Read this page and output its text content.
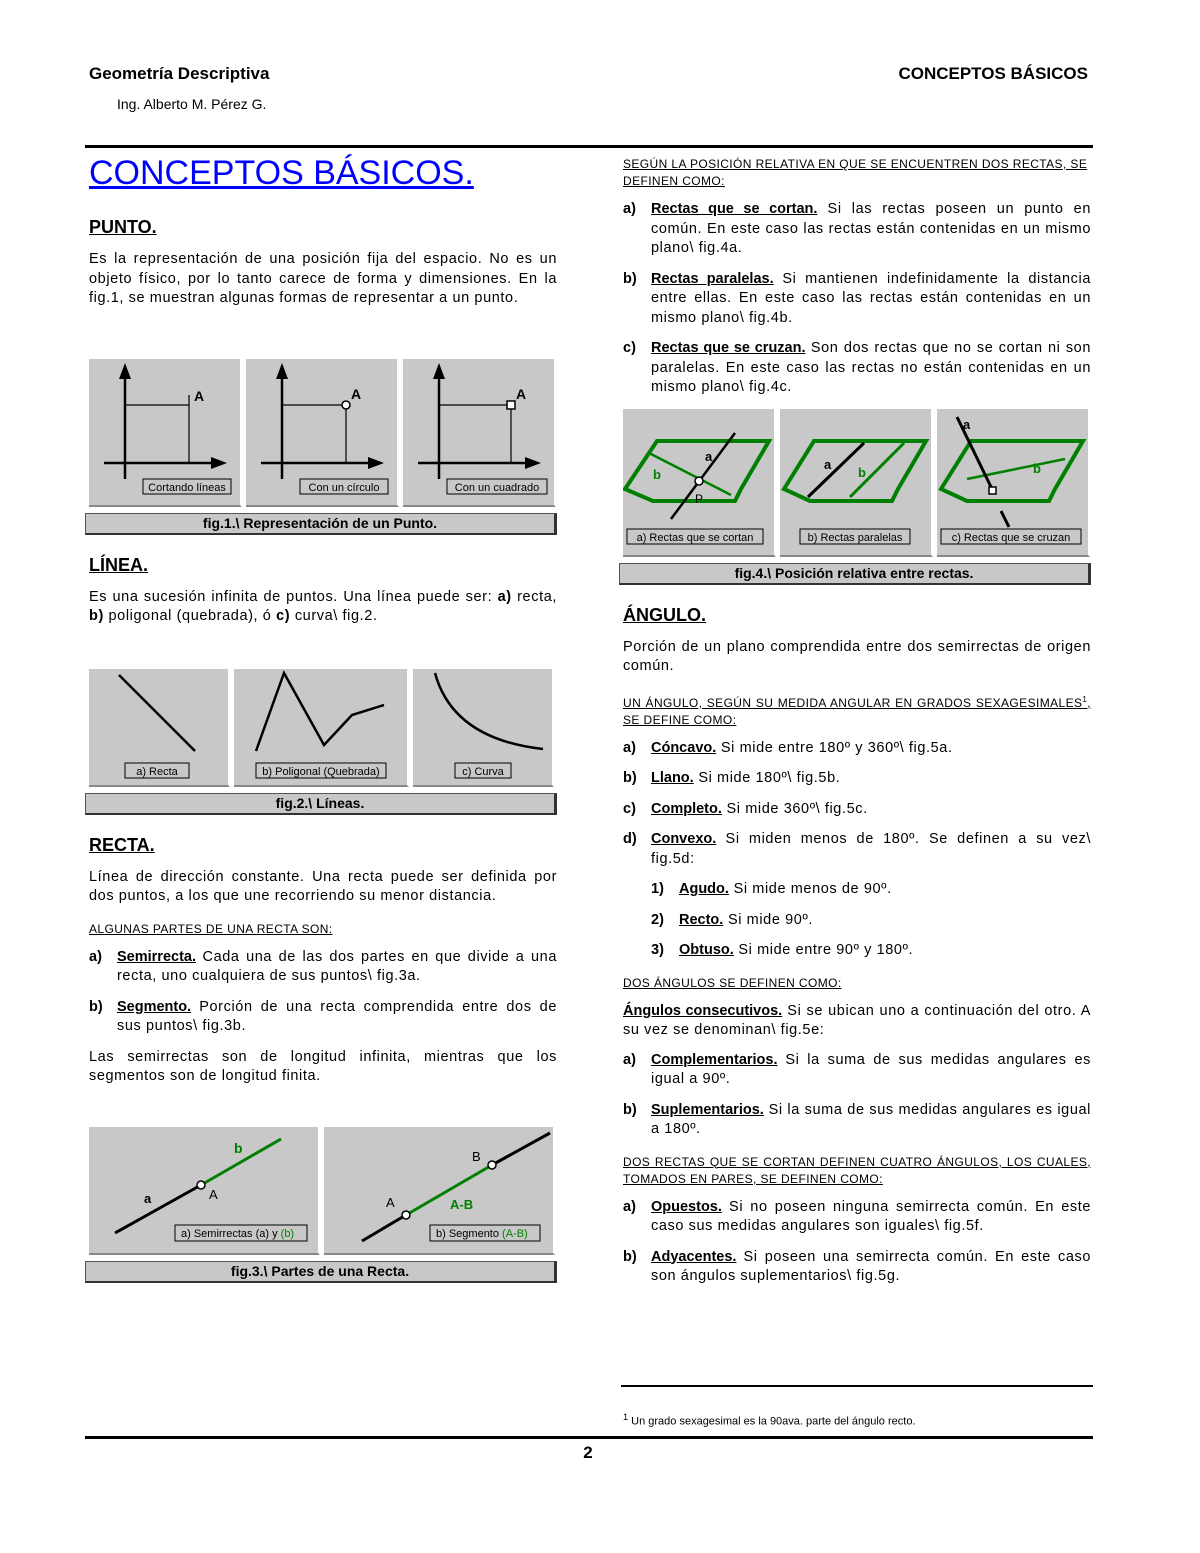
Geometría Descriptiva	CONCEPTOS BÁSICOS
Ing. Alberto M. Pérez G.
CONCEPTOS BÁSICOS.
PUNTO.

Es la representación de una posición fija del espacio. No es un objeto físico, por lo tanto carece de forma y dimensiones. En la fig.1, se muestran algunas formas de representar a un punto.

A
Cortando líneas
A
Con un círculo
A
Con un cuadrado
fig.1.\ Representación de un Punto.
LÍNEA.

Es una sucesión infinita de puntos. Una línea puede ser: a) recta, b) poligonal (quebrada), ó c) curva\ fig.2.

a) Recta	b) Poligonal (Quebrada)	c) Curva
fig.2.\ Líneas.
RECTA.

Línea de dirección constante. Una recta puede ser definida por dos puntos, a los que une recorriendo su menor distancia.

ALGUNAS PARTES DE UNA RECTA SON:
a)	Semirrecta. Cada una de las dos partes en que divide a una recta, uno cualquiera de sus puntos\ fig.3a.
b) Segmento. Porción de una recta comprendida entre dos de sus puntos\ fig.3b.

Las semirrectas son de longitud infinita, mientras que los segmentos son de longitud finita.

a
b
A
a) Semirrectas (a) y (b)
A
B
A-B
b) Segmento (A-B)
fig.3.\ Partes de una Recta.
SEGÚN LA POSICIÓN RELATIVA EN QUE SE ENCUENTREN DOS RECTAS, SE DEFINEN COMO:
a)	Rectas que se cortan. Si las rectas poseen un punto en común. En este caso las rectas están contenidas en un mismo plano\ fig.4a.
b) Rectas paralelas. Si mantienen indefinidamente la distancia entre ellas. En este caso las rectas están contenidas en un mismo plano\ fig.4b.
c)	Rectas que se cruzan. Son dos rectas que no se cortan ni son paralelas. En este caso las rectas no están contenidas en un mismo plano\ fig.4c.
a
b
P
a) Rectas que se cortan
a
b
b) Rectas paralelas
a
b
c) Rectas que se cruzan
fig.4.\ Posición relativa entre rectas.
ÁNGULO.

Porción de un plano comprendida entre dos semirrectas de origen común.

UN ÁNGULO, SEGÚN SU MEDIDA ANGULAR EN GRADOS SEXAGESIMALES$^1$, SE DEFINE COMO:
a)	Cóncavo. Si mide entre 180º y 360º\ fig.5a.
b) Llano. Si mide 180º\ fig.5b.
c)	Completo. Si mide 360º\ fig.5c.
d) Convexo. Si miden menos de 180º. Se definen a su vez\ fig.5d:
1)	Agudo. Si mide menos de 90º.
2)	Recto. Si mide 90º.
3)	Obtuso. Si mide entre 90º y 180º.
DOS ÁNGULOS SE DEFINEN COMO:

Ángulos consecutivos. Si se ubican uno a continuación del otro. A su vez se denominan\ fig.5e:

a)	Complementarios. Si la suma de sus medidas angulares es igual a 90º.
b) Suplementarios. Si la suma de sus medidas angulares es igual a 180º.
DOS RECTAS QUE SE CORTAN DEFINEN CUATRO ÁNGULOS, LOS CUALES, TOMADOS EN PARES, SE DEFINEN COMO:
a)	Opuestos. Si no poseen ninguna semirrecta común. En este caso sus medidas angulares son iguales\ fig.5f.
b) Adyacentes. Si poseen una semirrecta común. En este caso son ángulos suplementarios\ fig.5g.
$^1$ Un grado sexagesimal es la 90ava. parte del ángulo recto.
2
